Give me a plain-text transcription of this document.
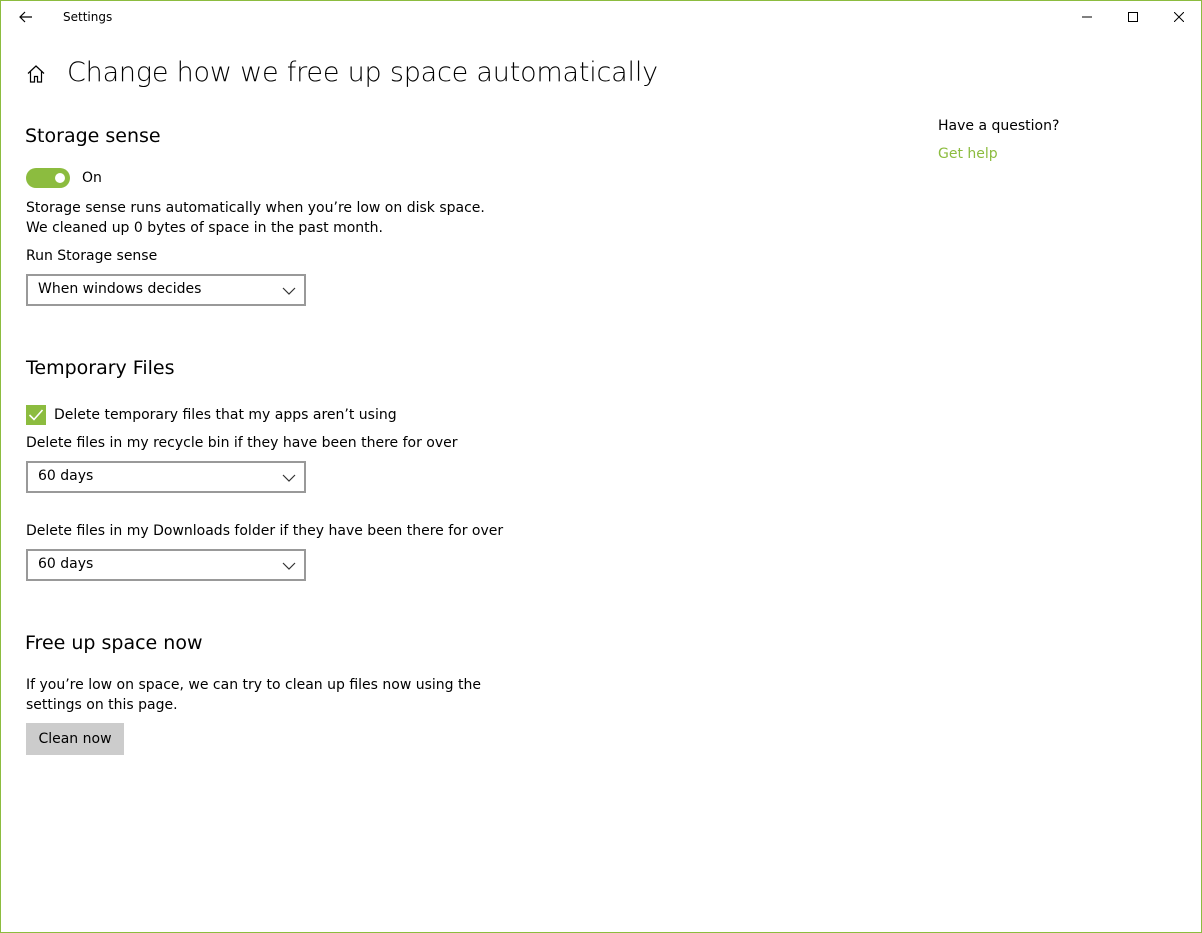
Settings
Change how we free up space automatically
Storage sense
On
Storage sense runs automatically when you’re low on disk space.
We cleaned up 0 bytes of space in the past month.
Run Storage sense
When windows decides
Temporary Files
Delete temporary files that my apps aren’t using
Delete files in my recycle bin if they have been there for over
60 days
Delete files in my Downloads folder if they have been there for over
60 days
Free up space now
If you’re low on space, we can try to clean up files now using the
settings on this page.
Clean now
Have a question?
Get help
